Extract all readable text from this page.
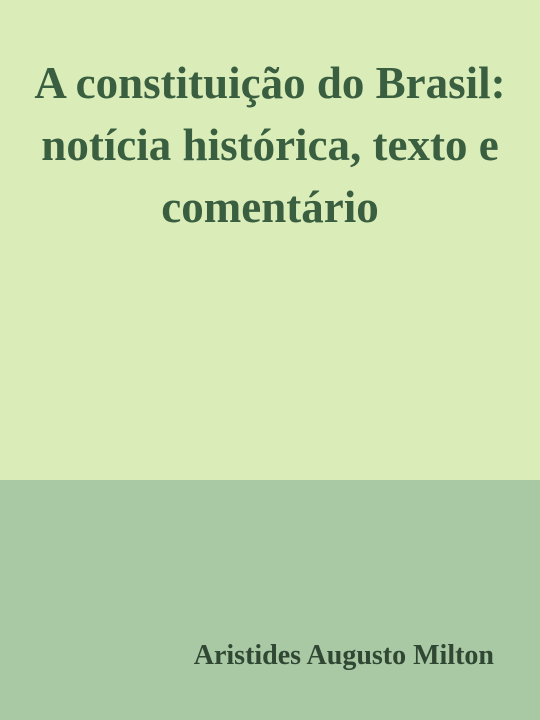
A constituição do Brasil: notícia histórica, texto e comentário

Aristides Augusto Milton
